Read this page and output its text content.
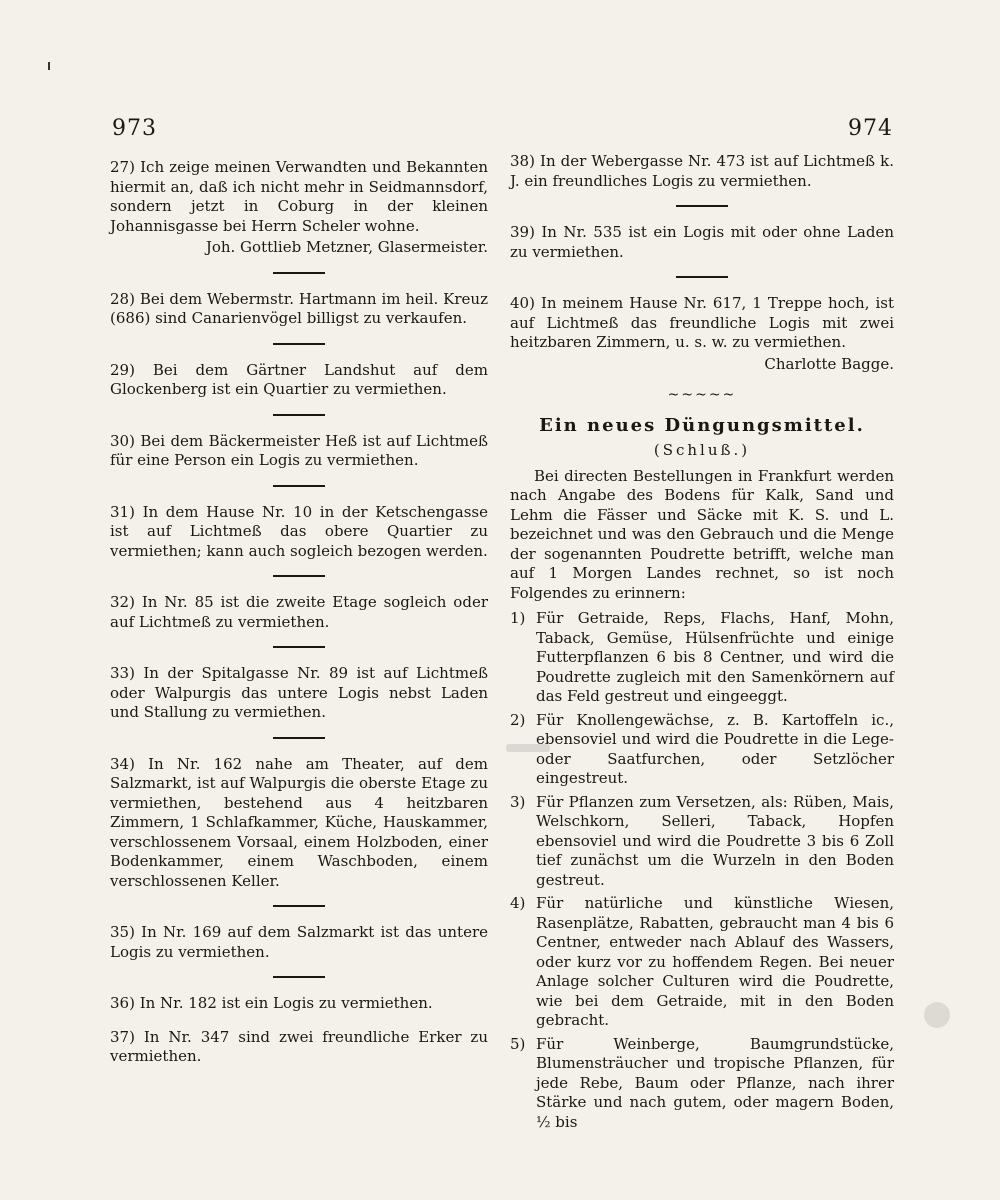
973	974

27) Ich zeige meinen Verwandten und Bekannten hiermit an, daß ich nicht mehr in Seidmannsdorf, sondern jetzt in Coburg in der kleinen Johannisgasse bei Herrn Scheler wohne.

Joh. Gottlieb Metzner, Glasermeister.

28) Bei dem Webermstr. Hartmann im heil. Kreuz (686) sind Canarienvögel billigst zu verkaufen.

29) Bei dem Gärtner Landshut auf dem Glockenberg ist ein Quartier zu vermiethen.

30) Bei dem Bäckermeister Heß ist auf Lichtmeß für eine Person ein Logis zu vermiethen.

31) In dem Hause Nr. 10 in der Ketschengasse ist auf Lichtmeß das obere Quartier zu vermiethen; kann auch sogleich bezogen werden.

32) In Nr. 85 ist die zweite Etage sogleich oder auf Lichtmeß zu vermiethen.

33) In der Spitalgasse Nr. 89 ist auf Lichtmeß oder Walpurgis das untere Logis nebst Laden und Stallung zu vermiethen.

34) In Nr. 162 nahe am Theater, auf dem Salzmarkt, ist auf Walpurgis die oberste Etage zu vermiethen, bestehend aus 4 heitzbaren Zimmern, 1 Schlafkammer, Küche, Hauskammer, verschlossenem Vorsaal, einem Holzboden, einer Bodenkammer, einem Waschboden, einem verschlossenen Keller.

35) In Nr. 169 auf dem Salzmarkt ist das untere Logis zu vermiethen.

36) In Nr. 182 ist ein Logis zu vermiethen.

37) In Nr. 347 sind zwei freundliche Erker zu vermiethen.

38) In der Webergasse Nr. 473 ist auf Lichtmeß k. J. ein freundliches Logis zu vermiethen.

39) In Nr. 535 ist ein Logis mit oder ohne Laden zu vermiethen.

40) In meinem Hause Nr. 617, 1 Treppe hoch, ist auf Lichtmeß das freundliche Logis mit zwei heitzbaren Zimmern, u. s. w. zu vermiethen.

Charlotte Bagge.

~~~~~
Ein neues Düngungsmittel.
(Schluß.)

Bei directen Bestellungen in Frankfurt werden nach Angabe des Bodens für Kalk, Sand und Lehm die Fässer und Säcke mit K. S. und L. bezeichnet und was den Gebrauch und die Menge der sogenannten Poudrette betrifft, welche man auf 1 Morgen Landes rechnet, so ist noch Folgendes zu erinnern:

1) Für Getraide, Reps, Flachs, Hanf, Mohn, Taback, Gemüse, Hülsenfrüchte und einige Futterpflanzen 6 bis 8 Centner, und wird die Poudrette zugleich mit den Samenkörnern auf das Feld gestreut und eingeeggt.
2) Für Knollengewächse, z. B. Kartoffeln ic., ebensoviel und wird die Poudrette in die Lege- oder Saatfurchen, oder Setzlöcher eingestreut.
3) Für Pflanzen zum Versetzen, als: Rüben, Mais, Welschkorn, Selleri, Taback, Hopfen ebensoviel und wird die Poudrette 3 bis 6 Zoll tief zunächst um die Wurzeln in den Boden gestreut.
4) Für natürliche und künstliche Wiesen, Rasenplätze, Rabatten, gebraucht man 4 bis 6 Centner, entweder nach Ablauf des Wassers, oder kurz vor zu hoffendem Regen. Bei neuer Anlage solcher Culturen wird die Poudrette, wie bei dem Getraide, mit in den Boden gebracht.
5) Für Weinberge, Baumgrundstücke, Blumensträucher und tropische Pflanzen, für jede Rebe, Baum oder Pflanze, nach ihrer Stärke und nach gutem, oder magern Boden, ½ bis
